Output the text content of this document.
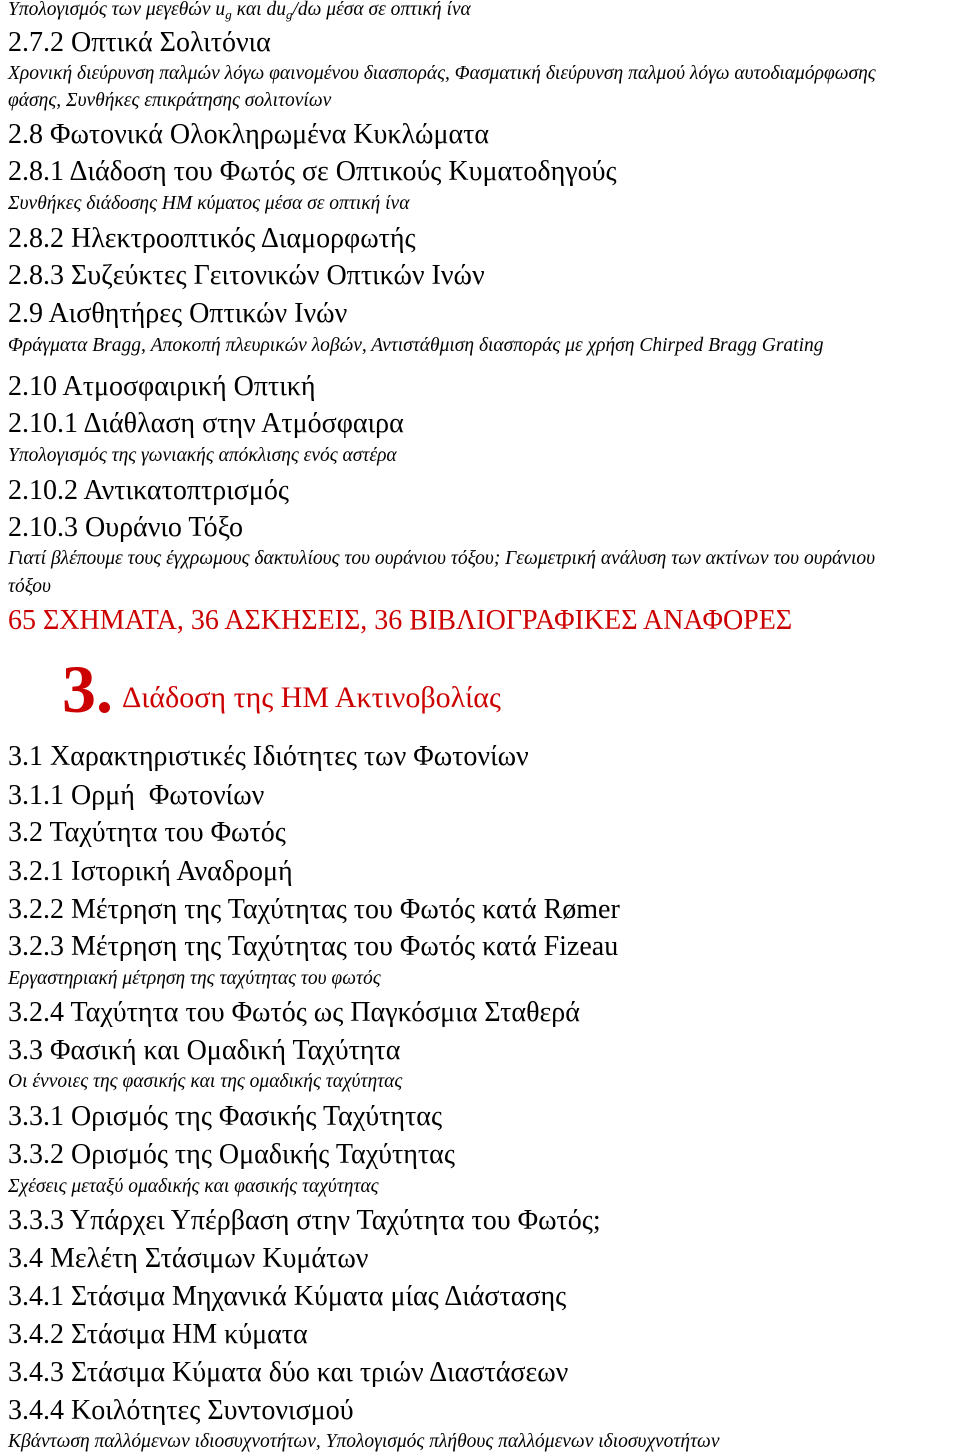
Υπολογισμός των μεγεθών $u_g$ και $du_g/d\omega$ μέσα σε οπτική ίνα
2.7.2 Οπτικά Σολιτόνια
Χρονική διεύρυνση παλμών λόγω φαινομένου διασποράς, Φασματική διεύρυνση παλμού λόγω αυτοδιαμόρφωσης
φάσης, Συνθήκες επικράτησης σολιτονίων
2.8 Φωτονικά Ολοκληρωμένα Κυκλώματα
2.8.1 Διάδοση του Φωτός σε Οπτικούς Κυματοδηγούς
Συνθήκες διάδοσης ΗΜ κύματος μέσα σε οπτική ίνα
2.8.2 Ηλεκτροοπτικός Διαμορφωτής
2.8.3 Συζεύκτες Γειτονικών Οπτικών Ινών
2.9 Αισθητήρες Οπτικών Ινών
Φράγματα Bragg, Αποκοπή πλευρικών λοβών, Αντιστάθμιση διασποράς με χρήση Chirped Bragg Grating
2.10 Ατμοσφαιρική Οπτική
2.10.1 Διάθλαση στην Ατμόσφαιρα
Υπολογισμός της γωνιακής απόκλισης ενός αστέρα
2.10.2 Αντικατοπτρισμός
2.10.3 Ουράνιο Τόξο
Γιατί βλέπουμε τους έγχρωμους δακτυλίους του ουράνιου τόξου; Γεωμετρική ανάλυση των ακτίνων του ουράνιου
τόξου
65 ΣΧΗΜΑΤΑ, 36 ΑΣΚΗΣΕΙΣ, 36 ΒΙΒΛΙΟΓΡΑΦΙΚΕΣ ΑΝΑΦΟΡΕΣ
3. Διάδοση της ΗΜ Ακτινοβολίας
3.1 Χαρακτηριστικές Ιδιότητες των Φωτονίων
3.1.1 Ορμή  Φωτονίων
3.2 Ταχύτητα του Φωτός
3.2.1 Ιστορική Αναδρομή
3.2.2 Μέτρηση της Ταχύτητας του Φωτός κατά Rømer
3.2.3 Μέτρηση της Ταχύτητας του Φωτός κατά Fizeau
Εργαστηριακή μέτρηση της ταχύτητας του φωτός
3.2.4 Ταχύτητα του Φωτός ως Παγκόσμια Σταθερά
3.3 Φασική και Ομαδική Ταχύτητα
Οι έννοιες της φασικής και της ομαδικής ταχύτητας
3.3.1 Ορισμός της Φασικής Ταχύτητας
3.3.2 Ορισμός της Ομαδικής Ταχύτητας
Σχέσεις μεταξύ ομαδικής και φασικής ταχύτητας
3.3.3 Υπάρχει Υπέρβαση στην Ταχύτητα του Φωτός;
3.4 Μελέτη Στάσιμων Κυμάτων
3.4.1 Στάσιμα Μηχανικά Κύματα μίας Διάστασης
3.4.2 Στάσιμα ΗΜ κύματα
3.4.3 Στάσιμα Κύματα δύο και τριών Διαστάσεων
3.4.4 Κοιλότητες Συντονισμού
Κβάντωση παλλόμενων ιδιοσυχνοτήτων, Υπολογισμός πλήθους παλλόμενων ιδιοσυχνοτήτων
